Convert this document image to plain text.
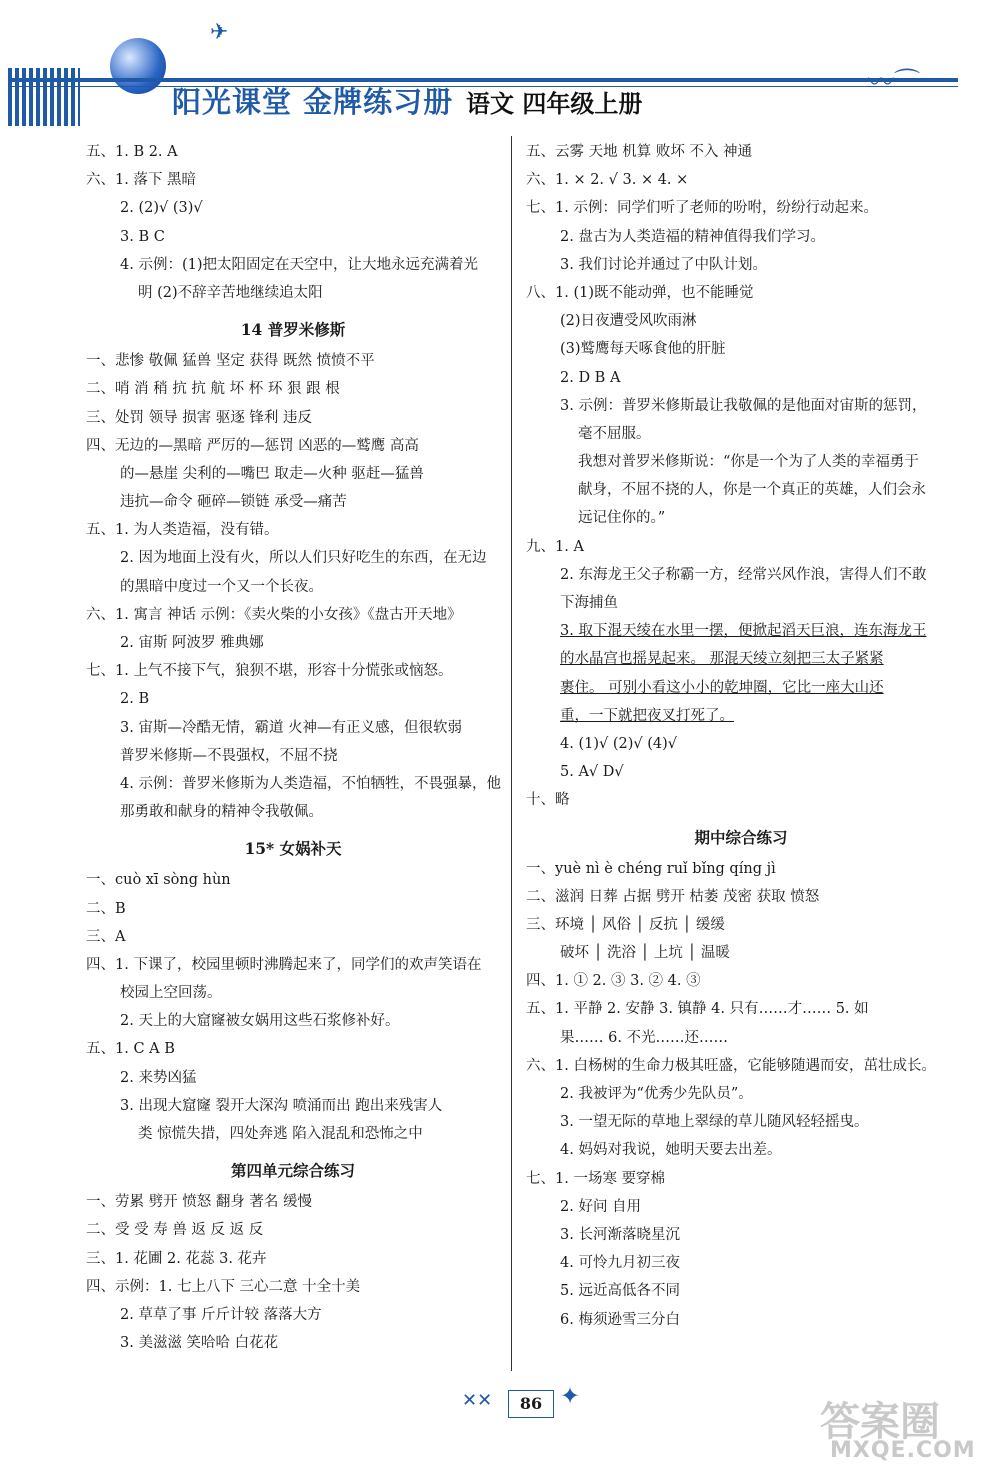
✈
阳光课堂 金牌练习册 语文 四年级上册
〰⌒
五、1. B 2. A
六、1. 落下 黑暗
2. (2)√ (3)√
3. B C
4. 示例：(1)把太阳固定在天空中，让大地永远充满着光
明 (2)不辞辛苦地继续追太阳
14 普罗米修斯
一、悲惨 敬佩 猛兽 坚定 获得 既然 愤愤不平
二、哨 消 稍 抗 抗 航 坏 杯 环 狠 跟 根
三、处罚 领导 损害 驱逐 锋利 违反
四、无边的—黑暗 严厉的—惩罚 凶恶的—鹫鹰 高高
的—悬崖 尖利的—嘴巴 取走—火种 驱赶—猛兽
违抗—命令 砸碎—锁链 承受—痛苦
五、1. 为人类造福，没有错。
2. 因为地面上没有火，所以人们只好吃生的东西，在无边
的黑暗中度过一个又一个长夜。
六、1. 寓言 神话 示例：《卖火柴的小女孩》《盘古开天地》
2. 宙斯 阿波罗 雅典娜
七、1. 上气不接下气，狼狈不堪，形容十分慌张或恼怒。
2. B
3. 宙斯—冷酷无情，霸道 火神—有正义感，但很软弱
普罗米修斯—不畏强权，不屈不挠
4. 示例：普罗米修斯为人类造福，不怕牺牲，不畏强暴，他
那勇敢和献身的精神令我敬佩。
15* 女娲补天
一、cuò xī sòng hùn
二、B
三、A
四、1. 下课了，校园里顿时沸腾起来了，同学们的欢声笑语在
校园上空回荡。
2. 天上的大窟窿被女娲用这些石浆修补好。
五、1. C A B
2. 来势凶猛
3. 出现大窟窿 裂开大深沟 喷涌而出 跑出来残害人
类 惊慌失措，四处奔逃 陷入混乱和恐怖之中
第四单元综合练习
一、劳累 劈开 愤怒 翻身 著名 缓慢
二、受 受 寿 兽 返 反 返 反
三、1. 花圃 2. 花蕊 3. 花卉
四、示例：1. 七上八下 三心二意 十全十美
2. 草草了事 斤斤计较 落落大方
3. 美滋滋 笑哈哈 白花花
五、云雾 天地 机算 败坏 不入 神通
六、1. × 2. √ 3. × 4. ×
七、1. 示例：同学们听了老师的吩咐，纷纷行动起来。
2. 盘古为人类造福的精神值得我们学习。
3. 我们讨论并通过了中队计划。
八、1. (1)既不能动弹，也不能睡觉
(2)日夜遭受风吹雨淋
(3)鹫鹰每天啄食他的肝脏
2. D B A
3. 示例：普罗米修斯最让我敬佩的是他面对宙斯的惩罚，
毫不屈服。
我想对普罗米修斯说：“你是一个为了人类的幸福勇于
献身，不屈不挠的人，你是一个真正的英雄，人们会永
远记住你的。”
九、1. A
2. 东海龙王父子称霸一方，经常兴风作浪，害得人们不敢
下海捕鱼
3. 取下混天绫在水里一摆，便掀起滔天巨浪，连东海龙王
的水晶宫也摇晃起来。 那混天绫立刻把三太子紧紧
裹住。 可别小看这小小的乾坤圈，它比一座大山还
重，一下就把夜叉打死了。
4. (1)√ (2)√ (4)√
5. A√ D√
十、略
期中综合练习
一、yuè nì è chéng ruǐ bǐng qíng jì
二、滋润 日葬 占据 劈开 枯萎 茂密 获取 愤怒
三、环境 │ 风俗 │ 反抗 │ 缓缓
破坏 │ 洗浴 │ 上坑 │ 温暖
四、1. ① 2. ③ 3. ② 4. ③
五、1. 平静 2. 安静 3. 镇静 4. 只有……才…… 5. 如
果…… 6. 不光……还……
六、1. 白杨树的生命力极其旺盛，它能够随遇而安，茁壮成长。
2. 我被评为“优秀少先队员”。
3. 一望无际的草地上翠绿的草儿随风轻轻摇曳。
4. 妈妈对我说，她明天要去出差。
七、1. 一场寒 要穿棉
2. 好问 自用
3. 长河渐落晓星沉
4. 可怜九月初三夜
5. 远近高低各不同
6. 梅须逊雪三分白
✕✕	86 ✦
答案圈
MXQE.COM
